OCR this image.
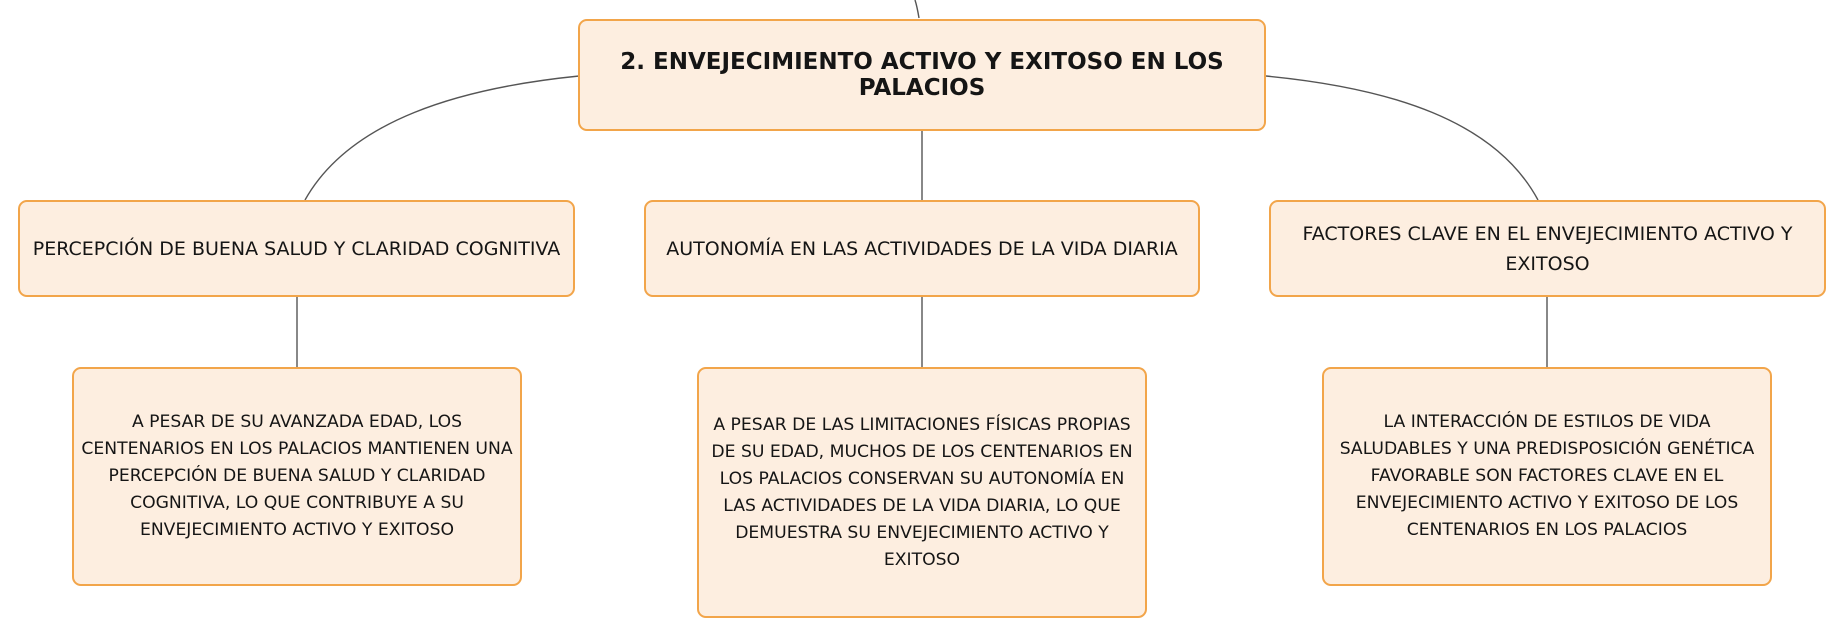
2. ENVEJECIMIENTO ACTIVO Y EXITOSO EN LOS PALACIOS
PERCEPCIÓN DE BUENA SALUD Y CLARIDAD COGNITIVA	AUTONOMÍA EN LAS ACTIVIDADES DE LA VIDA DIARIA
FACTORES CLAVE EN EL ENVEJECIMIENTO ACTIVO Y EXITOSO
A PESAR DE SU AVANZADA EDAD, LOS CENTENARIOS EN LOS PALACIOS MANTIENEN UNA PERCEPCIÓN DE BUENA SALUD Y CLARIDAD COGNITIVA, LO QUE CONTRIBUYE A SU ENVEJECIMIENTO ACTIVO Y EXITOSO
A PESAR DE LAS LIMITACIONES FÍSICAS PROPIAS DE SU EDAD, MUCHOS DE LOS CENTENARIOS EN LOS PALACIOS CONSERVAN SU AUTONOMÍA EN LAS ACTIVIDADES DE LA VIDA DIARIA, LO QUE DEMUESTRA SU ENVEJECIMIENTO ACTIVO Y EXITOSO
LA INTERACCIÓN DE ESTILOS DE VIDA SALUDABLES Y UNA PREDISPOSICIÓN GENÉTICA FAVORABLE SON FACTORES CLAVE EN EL ENVEJECIMIENTO ACTIVO Y EXITOSO DE LOS CENTENARIOS EN LOS PALACIOS
